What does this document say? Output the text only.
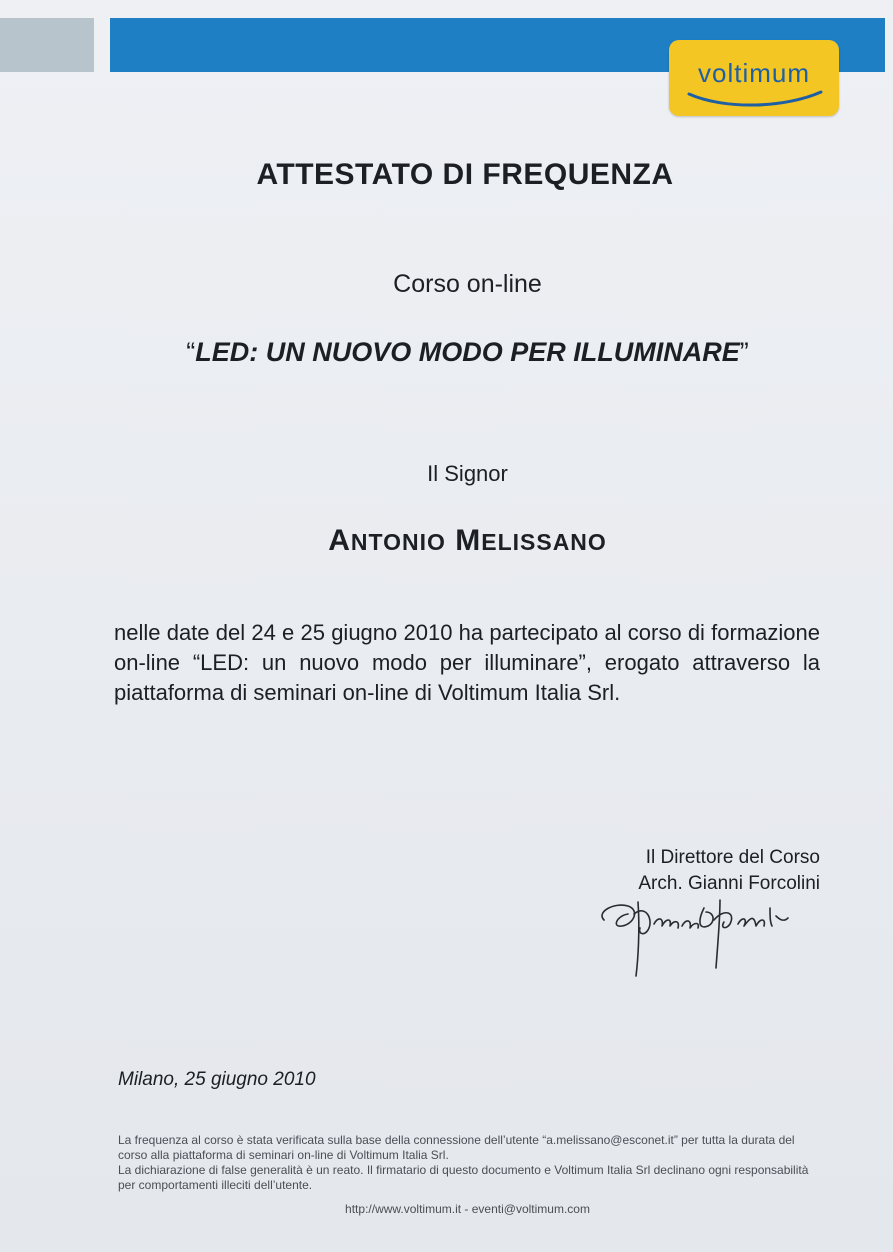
voltimum
ATTESTATO DI FREQUENZA
Corso on-line
“LED: UN NUOVO MODO PER ILLUMINARE”
Il Signor
ANTONIO MELISSANO
nelle date del 24 e 25 giugno 2010 ha partecipato al corso di formazione on-line “LED: un nuovo modo per illuminare”, erogato attraverso la piattaforma di seminari on-line di Voltimum Italia Srl.
Il Direttore del Corso
Arch. Gianni Forcolini
Milano, 25 giugno 2010
La frequenza al corso è stata verificata sulla base della connessione dell’utente “a.melissano@esconet.it” per tutta la durata del corso alla piattaforma di seminari on-line di Voltimum Italia Srl.
La dichiarazione di false generalità è un reato. Il firmatario di questo documento e Voltimum Italia Srl declinano ogni responsabilità per comportamenti illeciti dell’utente.
http://www.voltimum.it - eventi@voltimum.com
